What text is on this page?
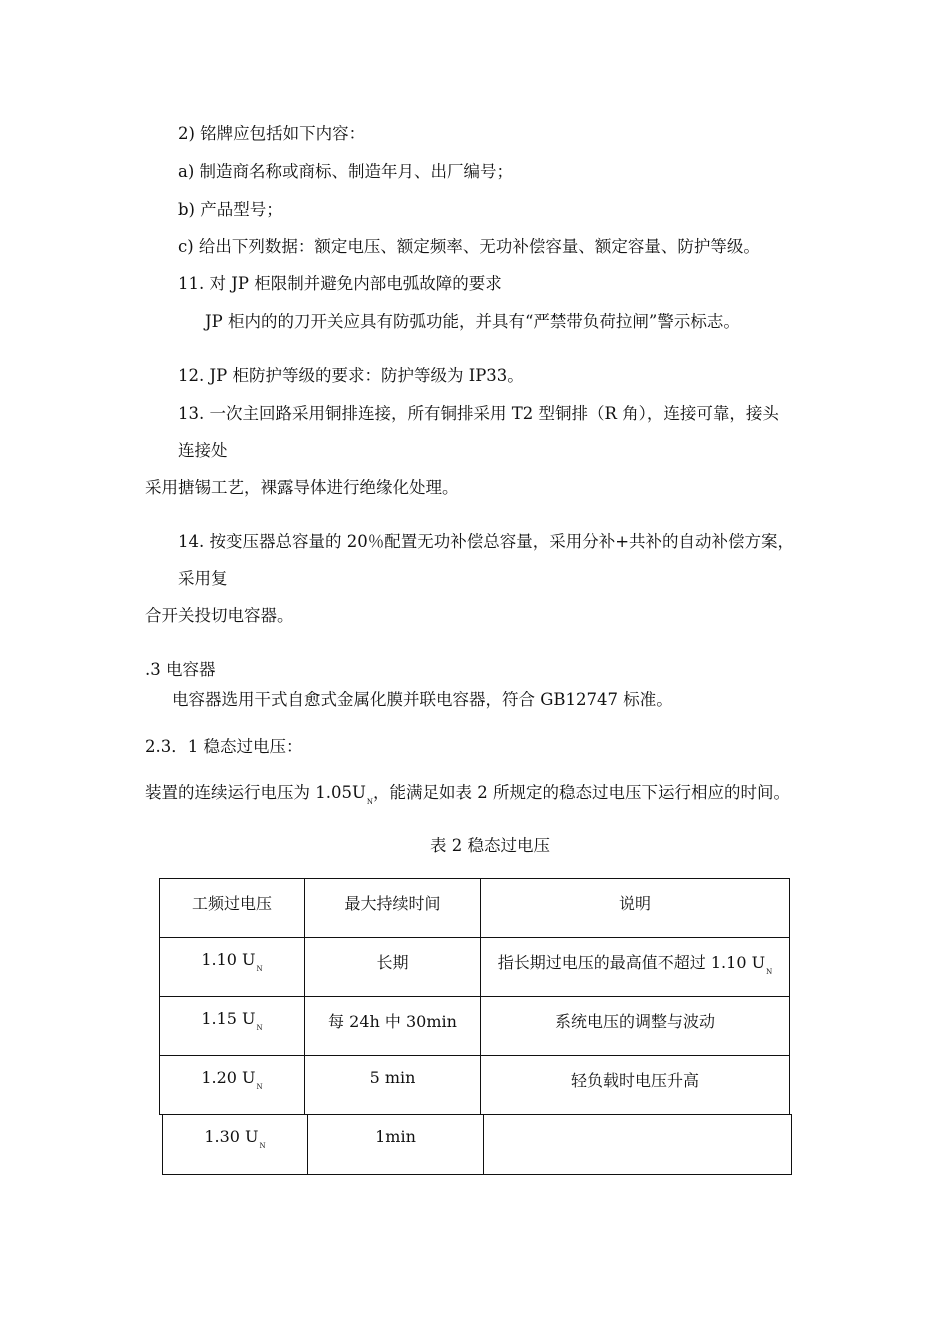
2) 铭牌应包括如下内容：
a) 制造商名称或商标、制造年月、出厂编号；
b) 产品型号；
c) 给出下列数据：额定电压、额定频率、无功补偿容量、额定容量、防护等级。
11. 对 JP 柜限制并避免内部电弧故障的要求
JP 柜内的的刀开关应具有防弧功能，并具有“严禁带负荷拉闸”警示标志。
12. JP 柜防护等级的要求：防护等级为 IP33。
13. 一次主回路采用铜排连接，所有铜排采用 T2 型铜排（R 角），连接可靠，接头
连接处
采用搪锡工艺，裸露导体进行绝缘化处理。
14. 按变压器总容量的 20％配置无功补偿总容量，采用分补+共补的自动补偿方案，
采用复
合开关投切电容器。
.3 电容器
电容器选用干式自愈式金属化膜并联电容器，符合 GB12747 标准。
2.3．1 稳态过电压：
装置的连续运行电压为 $1.05U_N$，能满足如表 2 所规定的稳态过电压下运行相应的时间。
表 2 稳态过电压
工频过电压	最大持续时间	说明
1.10 $U_N$	长期	指长期过电压的最高值不超过 1.10 $U_N$
1.15 $U_N$	每 24h 中 30min	系统电压的调整与波动
1.20 $U_N$	5 min	轻负载时电压升高
1.30 $U_N$	1min	
